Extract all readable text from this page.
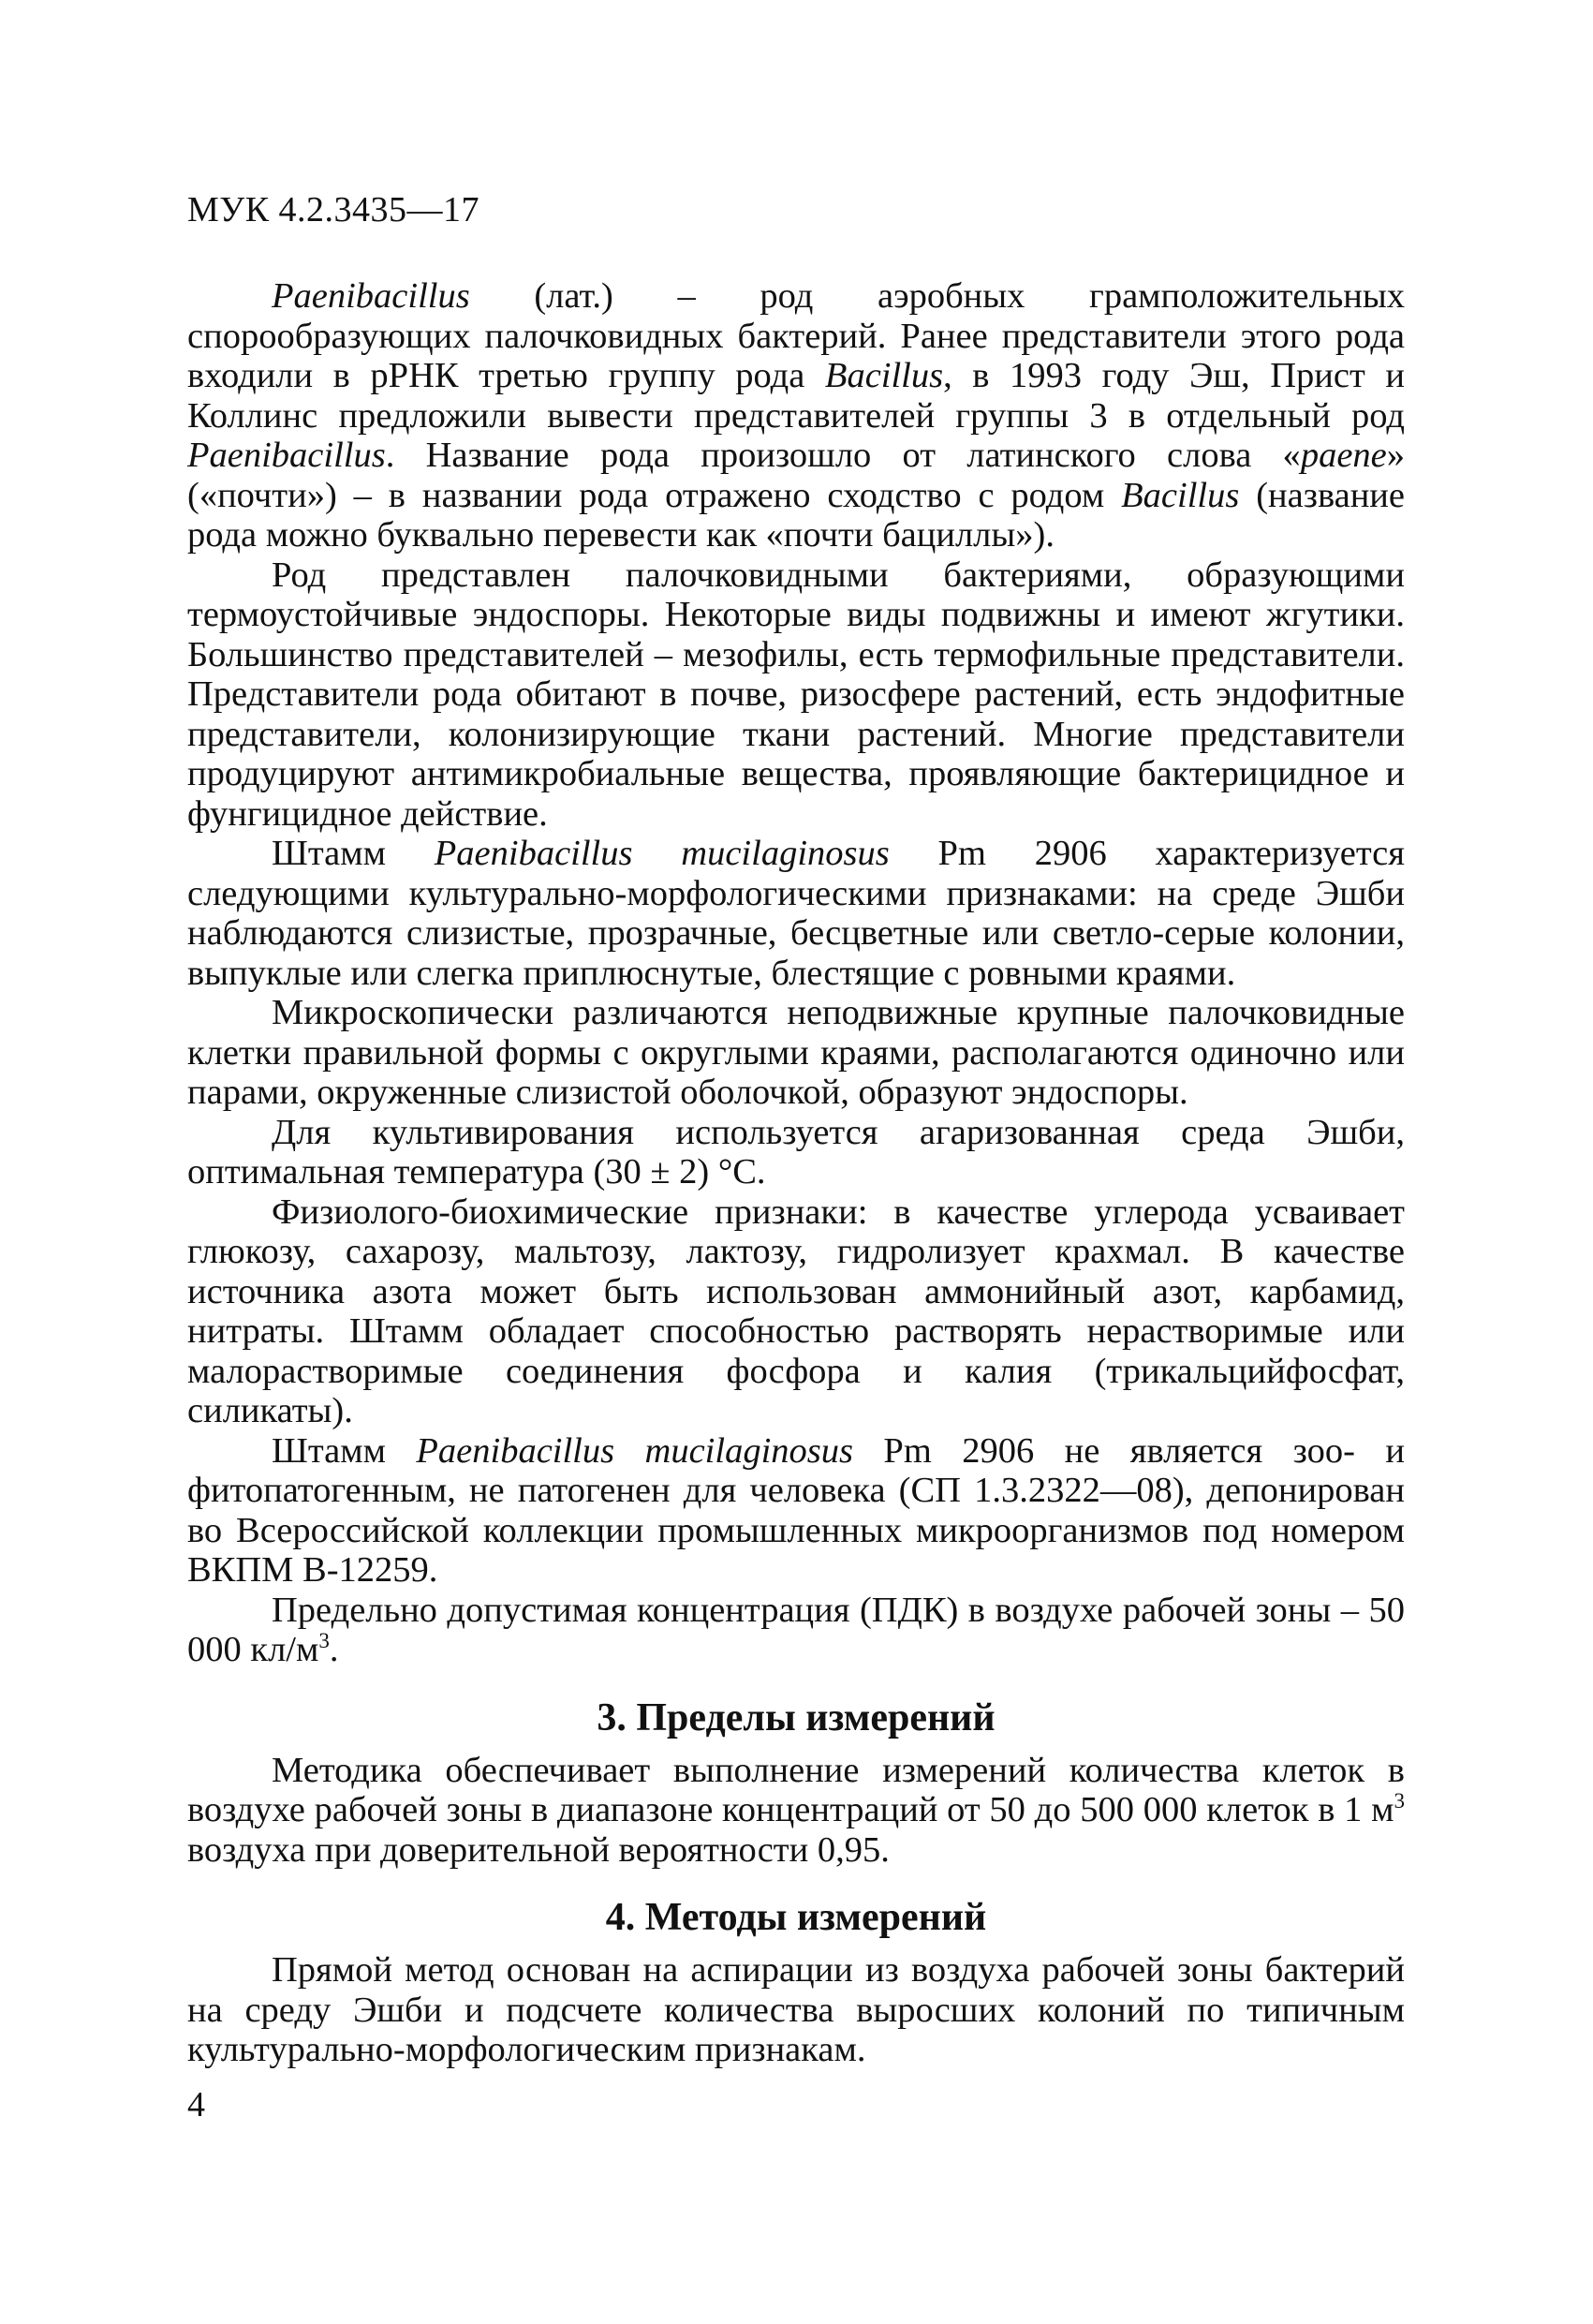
МУК 4.2.3435—17

Paenibacillus (лат.) – род аэробных грамположительных спорообразующих палочковидных бактерий. Ранее представители этого рода входили в рРНК третью группу рода Bacillus, в 1993 году Эш, Прист и Коллинс предложили вывести представителей группы 3 в отдельный род Paenibacillus. Название рода произошло от латинского слова «paene» («почти») – в названии рода отражено сходство с родом Bacillus (название рода можно буквально перевести как «почти бациллы»).

Род представлен палочковидными бактериями, образующими термоустойчивые эндоспоры. Некоторые виды подвижны и имеют жгутики. Большинство представителей – мезофилы, есть термофильные представители. Представители рода обитают в почве, ризосфере растений, есть эндофитные представители, колонизирующие ткани растений. Многие представители продуцируют антимикробиальные вещества, проявляющие бактерицидное и фунгицидное действие.

Штамм Paenibacillus mucilaginosus Pm 2906 характеризуется следующими культурально-морфологическими признаками: на среде Эшби наблюдаются слизистые, прозрачные, бесцветные или светло-серые колонии, выпуклые или слегка приплюснутые, блестящие с ровными краями.

Микроскопически различаются неподвижные крупные палочковидные клетки правильной формы с округлыми краями, располагаются одиночно или парами, окруженные слизистой оболочкой, образуют эндоспоры.

Для культивирования используется агаризованная среда Эшби, оптимальная температура (30 ± 2) °С.

Физиолого-биохимические признаки: в качестве углерода усваивает глюкозу, сахарозу, мальтозу, лактозу, гидролизует крахмал. В качестве источника азота может быть использован аммонийный азот, карбамид, нитраты. Штамм обладает способностью растворять нерастворимые или малорастворимые соединения фосфора и калия (трикальцийфосфат, силикаты).

Штамм Paenibacillus mucilaginosus Pm 2906 не является зоо- и фитопатогенным, не патогенен для человека (СП 1.3.2322—08), депонирован во Всероссийской коллекции промышленных микроорганизмов под номером ВКПМ В-12259.

Предельно допустимая концентрация (ПДК) в воздухе рабочей зоны – 50 000 $кл/м^3$.

3. Пределы измерений

Методика обеспечивает выполнение измерений количества клеток в воздухе рабочей зоны в диапазоне концентраций от 50 до 500 000 клеток в 1 $м^3$ воздуха при доверительной вероятности 0,95.

4. Методы измерений

Прямой метод основан на аспирации из воздуха рабочей зоны бактерий на среду Эшби и подсчете количества выросших колоний по типичным культурально-морфологическим признакам.

4
